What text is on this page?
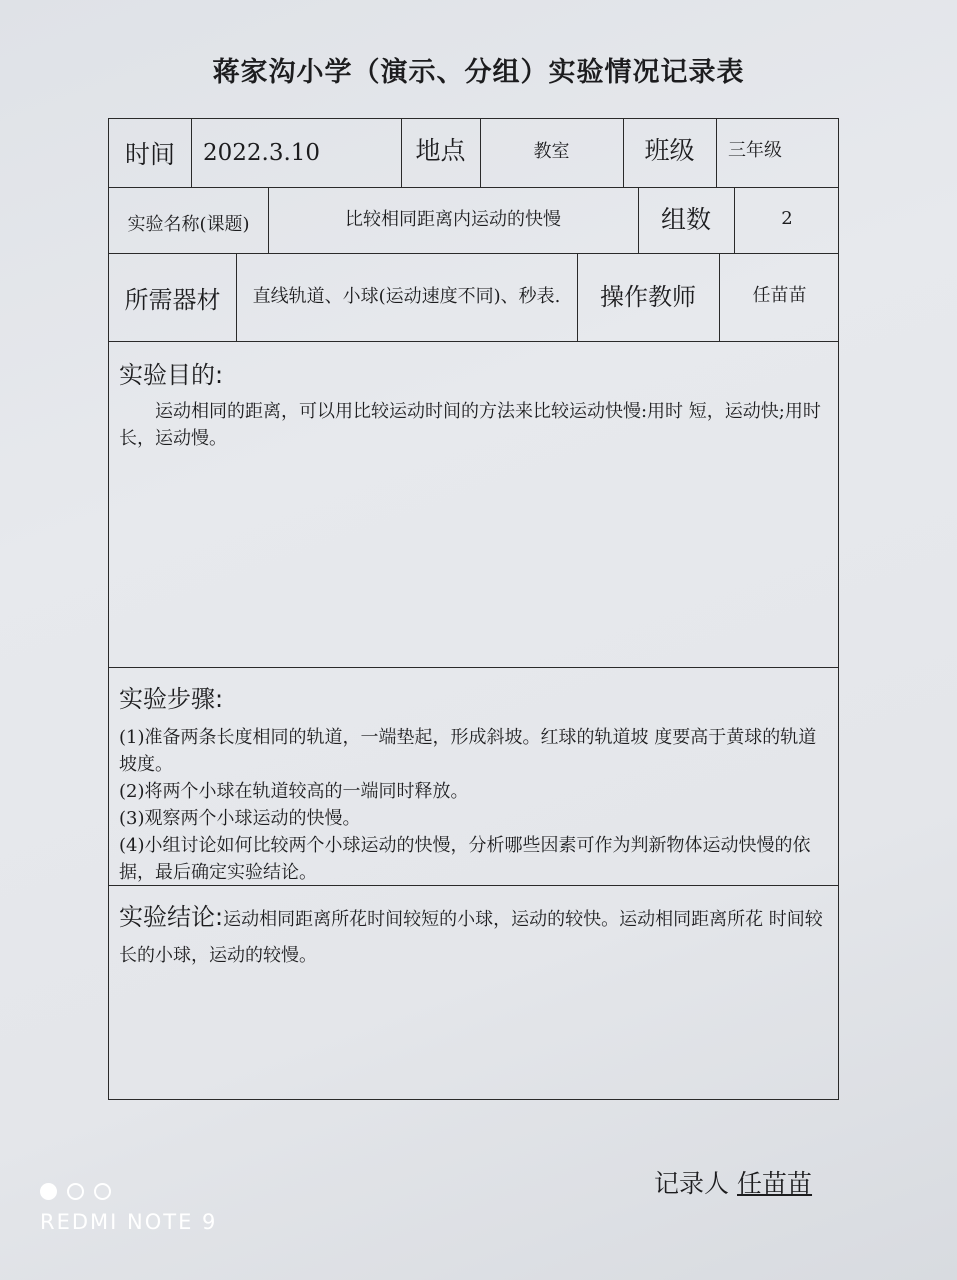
蒋家沟小学（演示、分组）实验情况记录表
时间	2022.3.10	地点	教室	班级	三年级
实验名称(课题)	比较相同距离内运动的快慢	组数	2
所需器材	直线轨道、小球(运动速度不同)、秒表.	操作教师	任苗苗
实验目的:
运动相同的距离，可以用比较运动时间的方法来比较运动快慢:用时 短，运动快;用时长，运动慢。
实验步骤:
(1)准备两条长度相同的轨道，一端垫起，形成斜坡。红球的轨道坡 度要高于黄球的轨道坡度。
(2)将两个小球在轨道较高的一端同时释放。
(3)观察两个小球运动的快慢。
(4)小组讨论如何比较两个小球运动的快慢，分析哪些因素可作为判新物体运动快慢的依据，最后确定实验结论。
实验结论:运动相同距离所花时间较短的小球，运动的较快。运动相同距离所花 时间较长的小球，运动的较慢。
记录人 任苗苗
REDMI NOTE 9
